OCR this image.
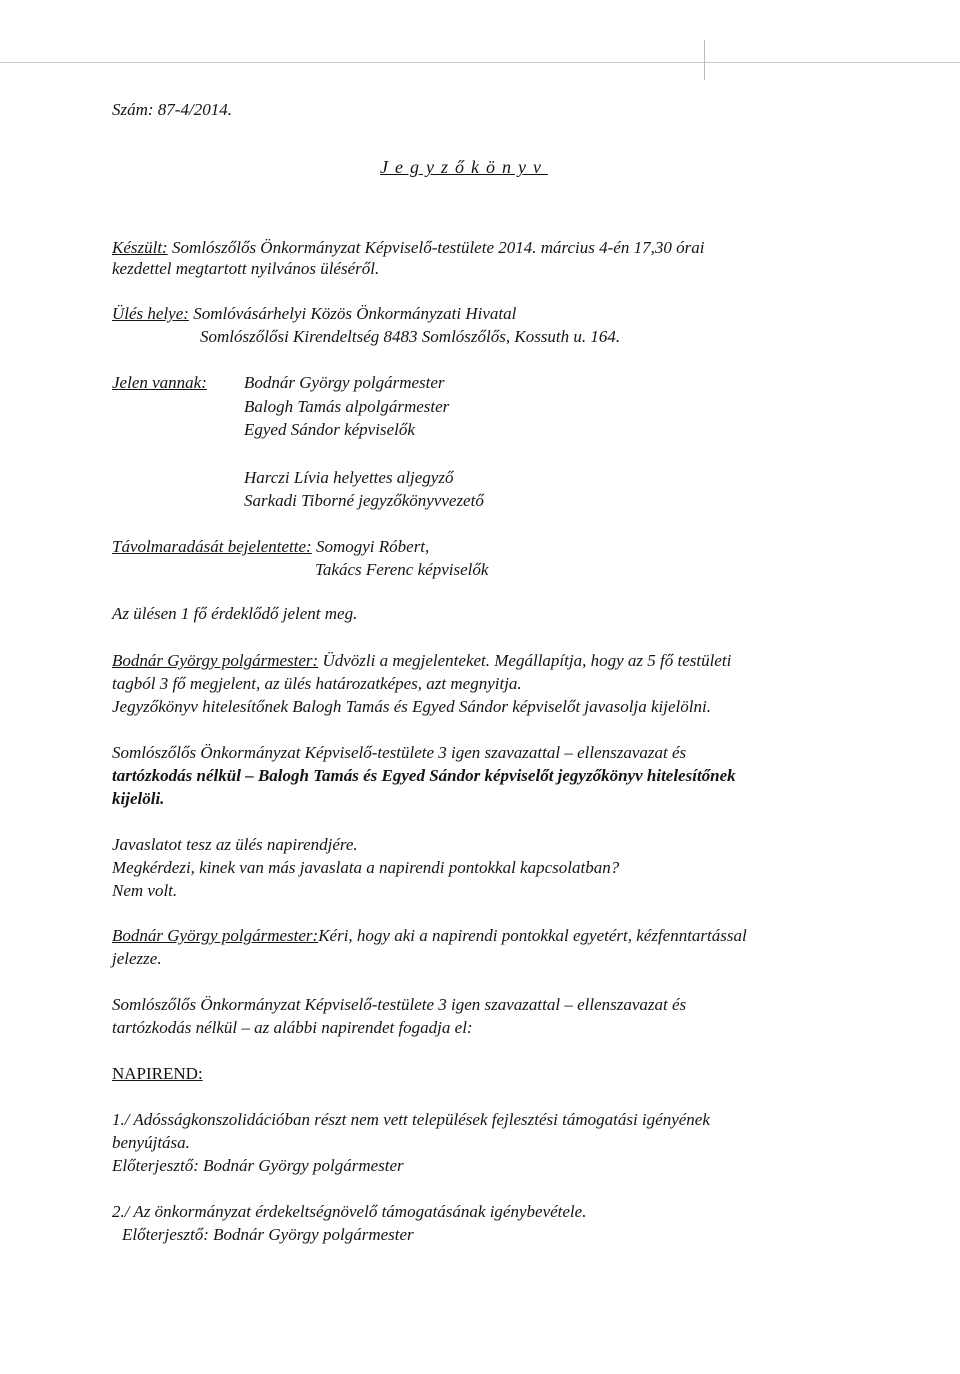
Szám: 87-4/2014.
Jegyzőkönyv
Készült: Somlószőlős Önkormányzat Képviselő-testülete 2014. március 4-én 17,30 órai
kezdettel megtartott nyilvános üléséről.
Ülés helye: Somlóvásárhelyi Közös Önkormányzati Hivatal
Somlószőlősi Kirendeltség 8483 Somlószőlős, Kossuth u. 164.
Jelen vannak: Bodnár György polgármester
Balogh Tamás alpolgármester
Egyed Sándor képviselők
Harczi Lívia helyettes aljegyző
Sarkadi Tiborné jegyzőkönyvvezető
Távolmaradását bejelentette: Somogyi Róbert,
Takács Ferenc képviselők
Az ülésen 1 fő érdeklődő jelent meg.
Bodnár György polgármester: Üdvözli a megjelenteket. Megállapítja, hogy az 5 fő testületi
tagból 3 fő megjelent, az ülés határozatképes, azt megnyitja.
Jegyzőkönyv hitelesítőnek Balogh Tamás és Egyed Sándor képviselőt javasolja kijelölni.
Somlószőlős Önkormányzat Képviselő-testülete 3 igen szavazattal – ellenszavazat és
tartózkodás nélkül – Balogh Tamás és Egyed Sándor képviselőt jegyzőkönyv hitelesítőnek
kijelöli.
Javaslatot tesz az ülés napirendjére.
Megkérdezi, kinek van más javaslata a napirendi pontokkal kapcsolatban?
Nem volt.
Bodnár György polgármester:Kéri, hogy aki a napirendi pontokkal egyetért, kézfenntartással
jelezze.
Somlószőlős Önkormányzat Képviselő-testülete 3 igen szavazattal – ellenszavazat és
tartózkodás nélkül – az alábbi napirendet fogadja el:
NAPIREND:
1./ Adósságkonszolidációban részt nem vett települések fejlesztési támogatási igényének
benyújtása.
Előterjesztő: Bodnár György polgármester
2./ Az önkormányzat érdekeltségnövelő támogatásának igénybevétele.
Előterjesztő: Bodnár György polgármester
